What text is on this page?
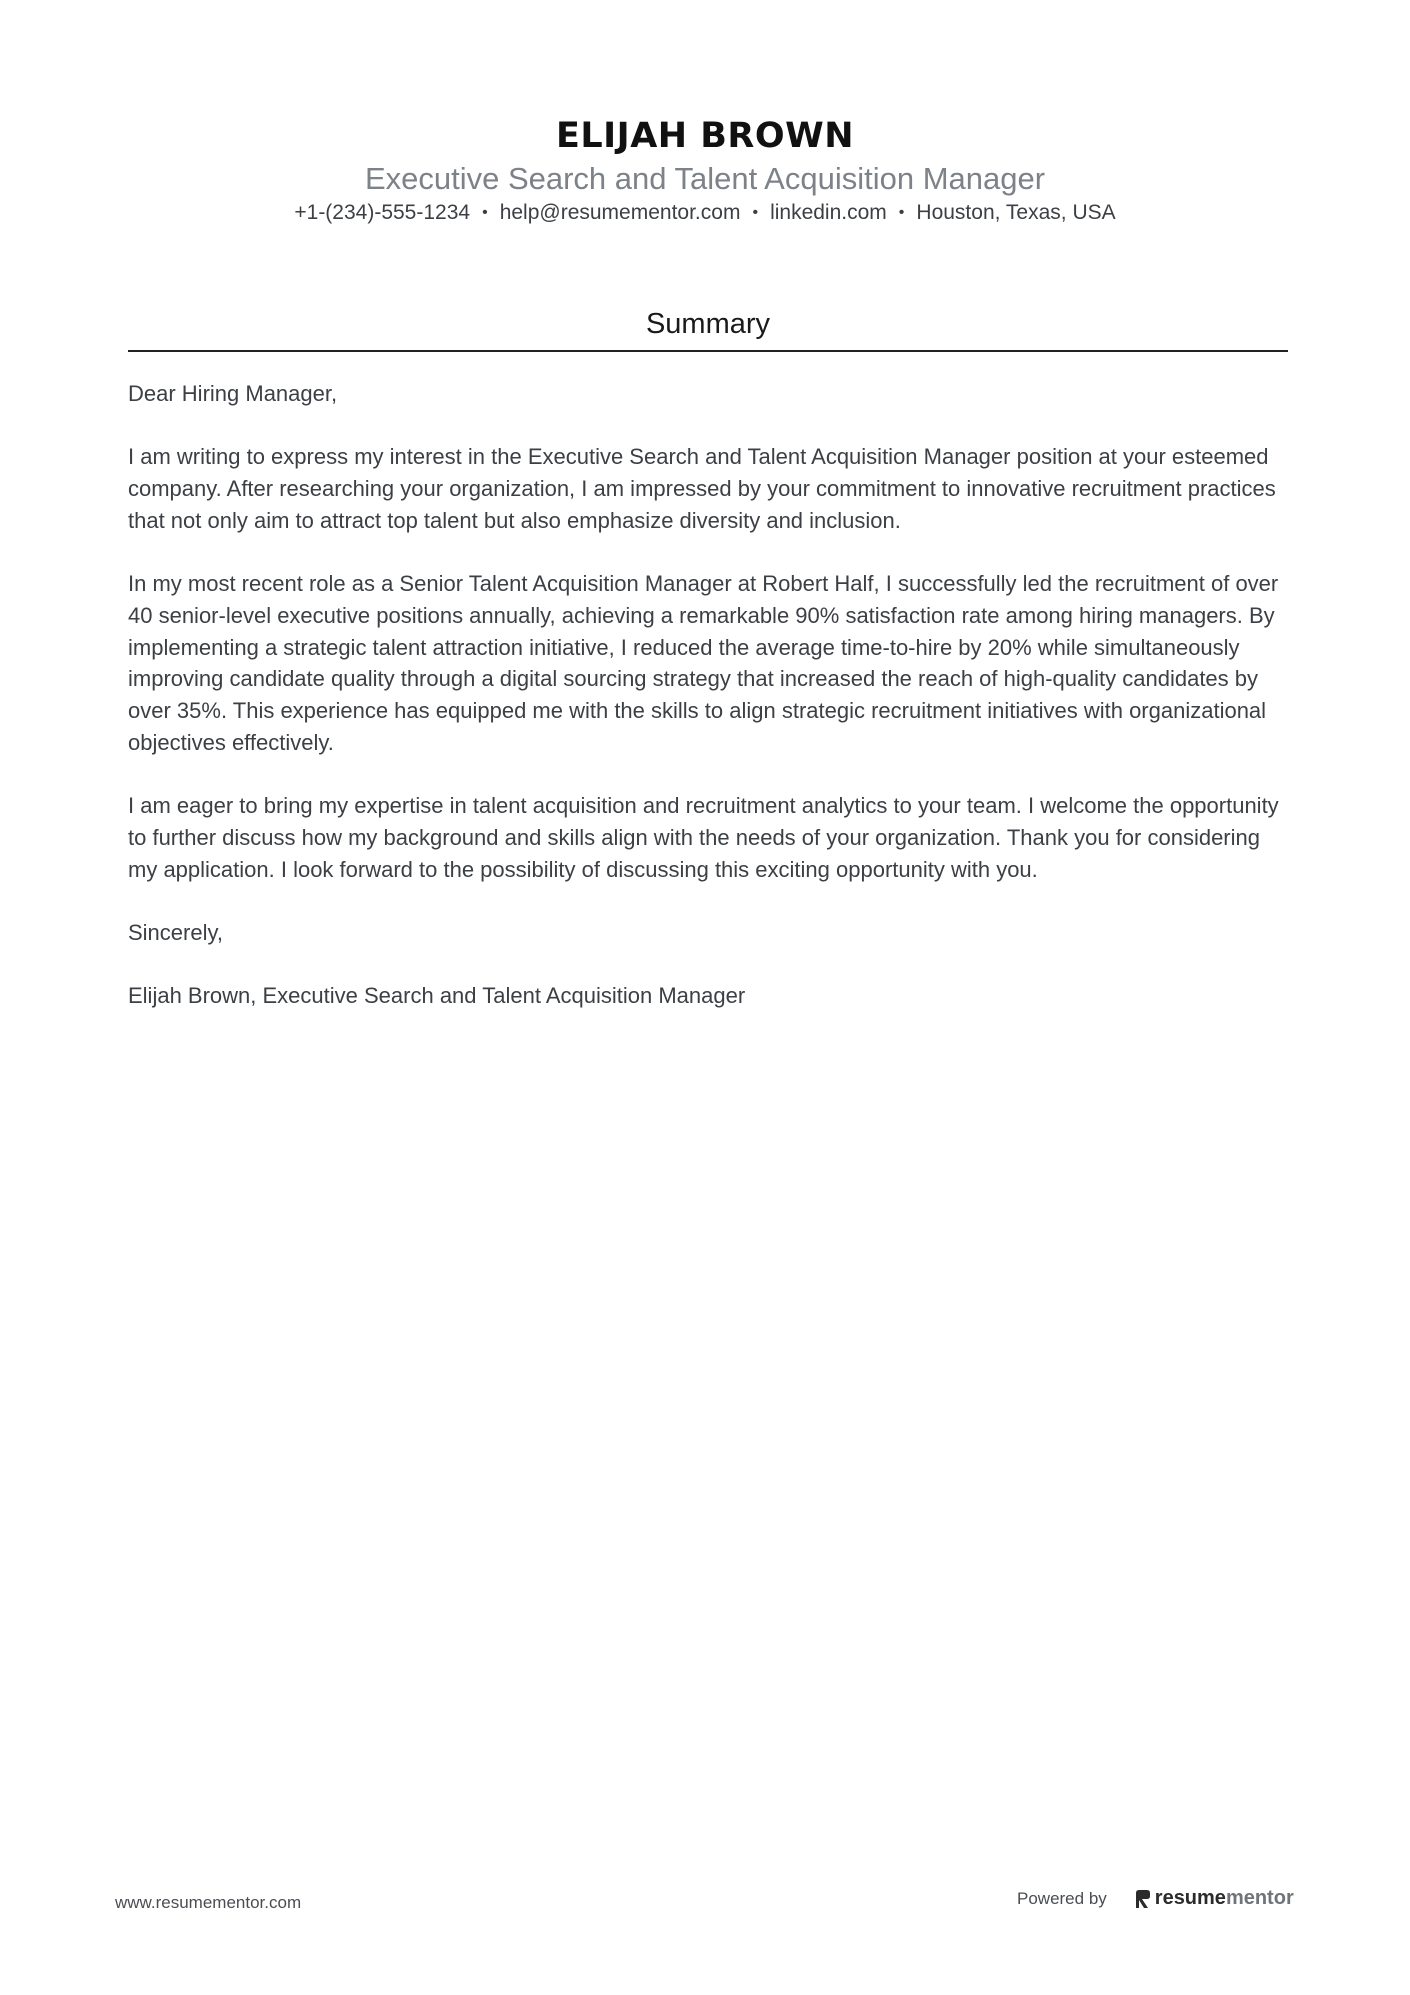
ELIJAH BROWN
Executive Search and Talent Acquisition Manager
+1-(234)-555-1234 • help@resumementor.com • linkedin.com • Houston, Texas, USA
Summary

Dear Hiring Manager,

I am writing to express my interest in the Executive Search and Talent Acquisition Manager position at your esteemed company. After researching your organization, I am impressed by your commitment to innovative recruitment practices that not only aim to attract top talent but also emphasize diversity and inclusion.

In my most recent role as a Senior Talent Acquisition Manager at Robert Half, I successfully led the recruitment of over 40 senior-level executive positions annually, achieving a remarkable 90% satisfaction rate among hiring managers. By implementing a strategic talent attraction initiative, I reduced the average time-to-hire by 20% while simultaneously improving candidate quality through a digital sourcing strategy that increased the reach of high-quality candidates by over 35%. This experience has equipped me with the skills to align strategic recruitment initiatives with organizational objectives effectively.

I am eager to bring my expertise in talent acquisition and recruitment analytics to your team. I welcome the opportunity to further discuss how my background and skills align with the needs of your organization. Thank you for considering my application. I look forward to the possibility of discussing this exciting opportunity with you.

Sincerely,

Elijah Brown, Executive Search and Talent Acquisition Manager

www.resumementor.com	Powered by resume mentor
